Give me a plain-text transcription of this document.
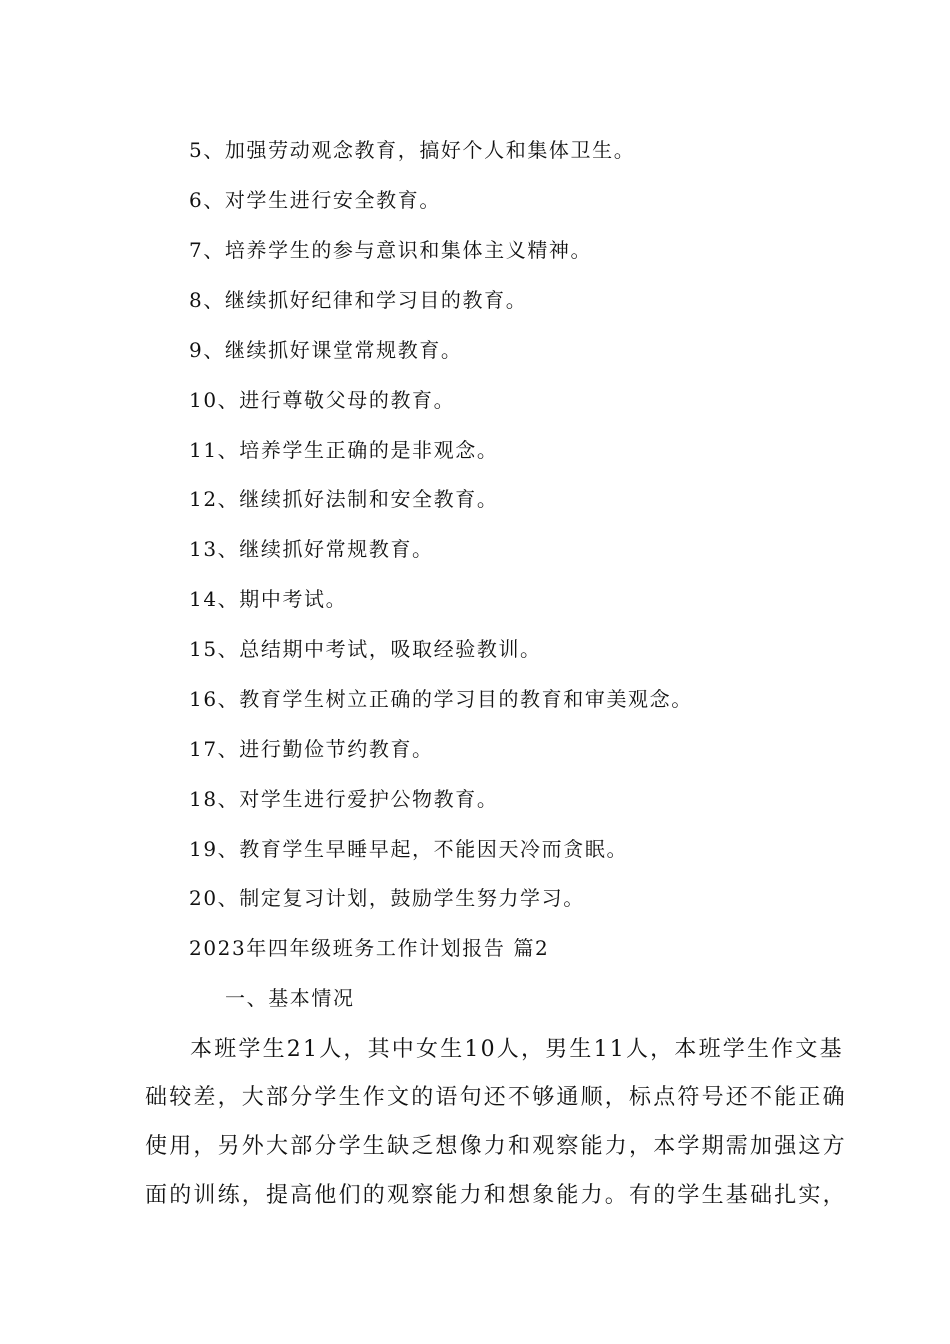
5、加强劳动观念教育，搞好个人和集体卫生。
6、对学生进行安全教育。
7、培养学生的参与意识和集体主义精神。
8、继续抓好纪律和学习目的教育。
9、继续抓好课堂常规教育。
10、进行尊敬父母的教育。
11、培养学生正确的是非观念。
12、继续抓好法制和安全教育。
13、继续抓好常规教育。
14、期中考试。
15、总结期中考试，吸取经验教训。
16、教育学生树立正确的学习目的教育和审美观念。
17、进行勤俭节约教育。
18、对学生进行爱护公物教育。
19、教育学生早睡早起，不能因天冷而贪眠。
20、制定复习计划，鼓励学生努力学习。
2023年四年级班务工作计划报告 篇2
一、基本情况
本班学生21人，其中女生10人，男生11人，本班学生作文基
础较差，大部分学生作文的语句还不够通顺，标点符号还不能正确
使用，另外大部分学生缺乏想像力和观察能力，本学期需加强这方
面的训练，提高他们的观察能力和想象能力。有的学生基础扎实，
